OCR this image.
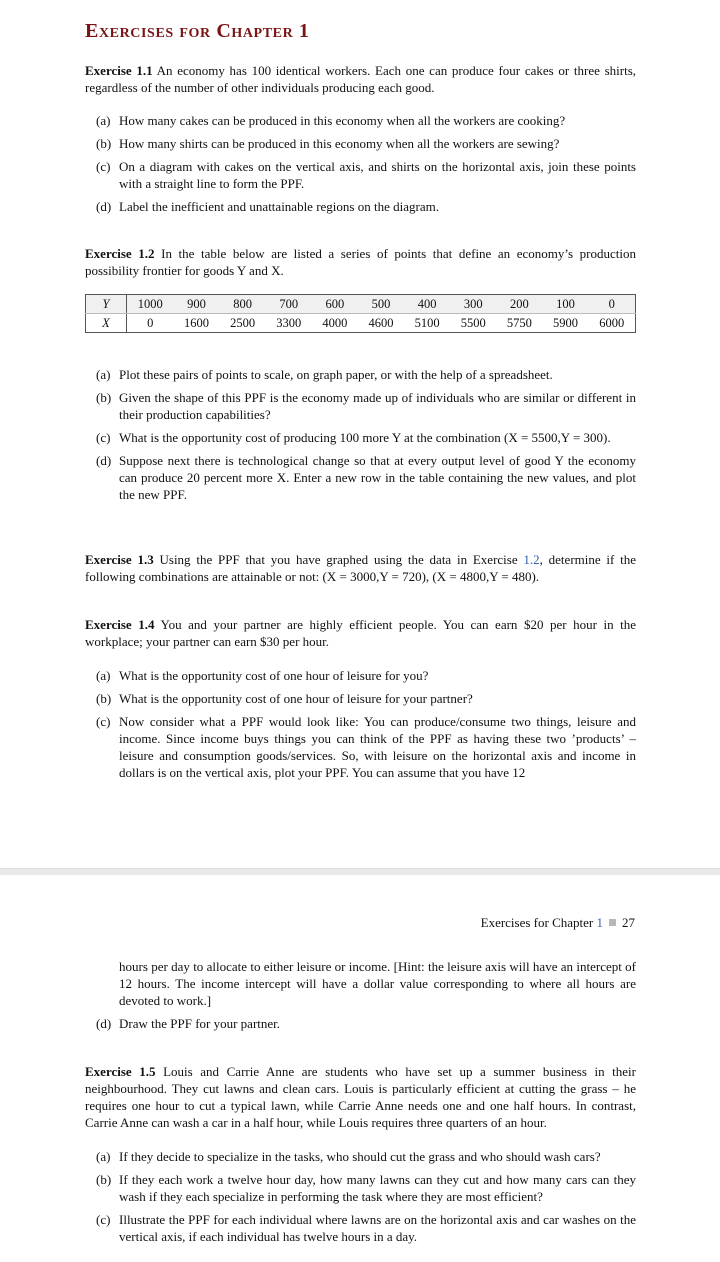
Exercises for Chapter 1
Exercise 1.1 An economy has 100 identical workers. Each one can produce four cakes or three shirts, regardless of the number of other individuals producing each good.
(a) How many cakes can be produced in this economy when all the workers are cooking?
(b) How many shirts can be produced in this economy when all the workers are sewing?
(c) On a diagram with cakes on the vertical axis, and shirts on the horizontal axis, join these points with a straight line to form the PPF.
(d) Label the inefficient and unattainable regions on the diagram.
Exercise 1.2 In the table below are listed a series of points that define an economy’s production possibility frontier for goods Y and X.
Y	1000	900	800	700	600	500	400	300	200	100	0
X	0	1600	2500	3300	4000	4600	5100	5500	5750	5900	6000
(a) Plot these pairs of points to scale, on graph paper, or with the help of a spreadsheet.
(b) Given the shape of this PPF is the economy made up of individuals who are similar or different in their production capabilities?
(c) What is the opportunity cost of producing 100 more Y at the combination (X = 5500,Y = 300).
(d) Suppose next there is technological change so that at every output level of good Y the economy can produce 20 percent more X. Enter a new row in the table containing the new values, and plot the new PPF.
Exercise 1.3 Using the PPF that you have graphed using the data in Exercise 1.2, determine if the following combinations are attainable or not: (X = 3000,Y = 720), (X = 4800,Y = 480).
Exercise 1.4 You and your partner are highly efficient people. You can earn $20 per hour in the workplace; your partner can earn $30 per hour.
(a) What is the opportunity cost of one hour of leisure for you?
(b) What is the opportunity cost of one hour of leisure for your partner?
(c) Now consider what a PPF would look like: You can produce/consume two things, leisure and income. Since income buys things you can think of the PPF as having these two ’products’ – leisure and consumption goods/services. So, with leisure on the horizontal axis and income in dollars is on the vertical axis, plot your PPF. You can assume that you have 12
Exercises for Chapter 1 27
hours per day to allocate to either leisure or income. [Hint: the leisure axis will have an intercept of 12 hours. The income intercept will have a dollar value corresponding to where all hours are devoted to work.]
(d) Draw the PPF for your partner.
Exercise 1.5 Louis and Carrie Anne are students who have set up a summer business in their neighbourhood. They cut lawns and clean cars. Louis is particularly efficient at cutting the grass – he requires one hour to cut a typical lawn, while Carrie Anne needs one and one half hours. In contrast, Carrie Anne can wash a car in a half hour, while Louis requires three quarters of an hour.
(a) If they decide to specialize in the tasks, who should cut the grass and who should wash cars?
(b) If they each work a twelve hour day, how many lawns can they cut and how many cars can they wash if they each specialize in performing the task where they are most efficient?
(c) Illustrate the PPF for each individual where lawns are on the horizontal axis and car washes on the vertical axis, if each individual has twelve hours in a day.
